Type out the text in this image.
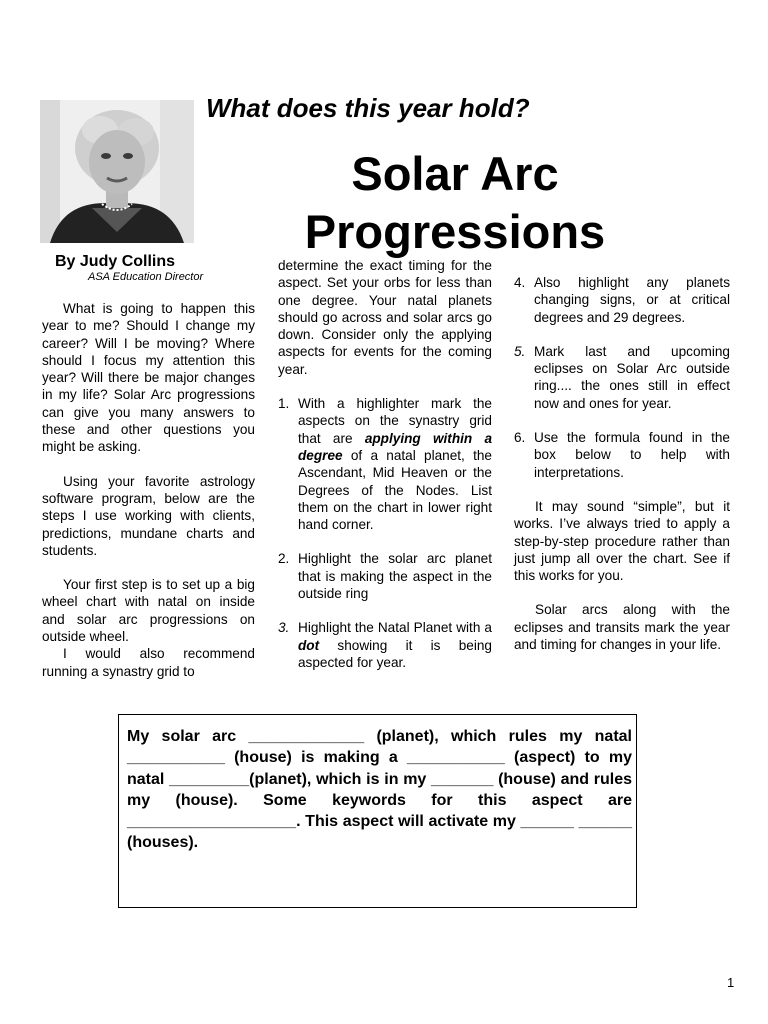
What does this year hold?

Solar Arc Progressions

By Judy Collins

ASA Education Director

What is going to happen this year to me? Should I change my career? Will I be moving? Where should I focus my attention this year? Will there be major changes in my life? Solar Arc progressions can give you many answers to these and other questions you might be asking.

Using your favorite astrology software program, below are the steps I use working with clients, predictions, mundane charts and students.

Your first step is to set up a big wheel chart with natal on inside and solar arc progressions on outside wheel.

I would also recommend running a synastry grid to

determine the exact timing for the aspect. Set your orbs for less than one degree. Your natal planets should go across and solar arcs go down. Consider only the applying aspects for events for the coming year.

1. With a highlighter mark the aspects on the synastry grid that are applying within a degree of a natal planet, the Ascendant, Mid Heaven or the Degrees of the Nodes. List them on the chart in lower right hand corner.

2. Highlight the solar arc planet that is making the aspect in the outside ring

3. Highlight the Natal Planet with a dot showing it is being aspected for year.

4. Also highlight any planets changing signs, or at critical degrees and 29 degrees.

5. Mark last and upcoming eclipses on Solar Arc outside ring.... the ones still in effect now and ones for year.

6. Use the formula found in the box below to help with interpretations.

It may sound “simple”, but it works. I’ve always tried to apply a step-by-step procedure rather than just jump all over the chart. See if this works for you.

Solar arcs along with the eclipses and transits mark the year and timing for changes in your life.

My solar arc _____________ (planet), which rules my natal ___________ (house) is making a ___________ (aspect) to my natal _________(planet), which is in my _______ (house) and rules my (house). Some keywords for this aspect are ___________________. This aspect will activate my ______ ______ (houses).

1
